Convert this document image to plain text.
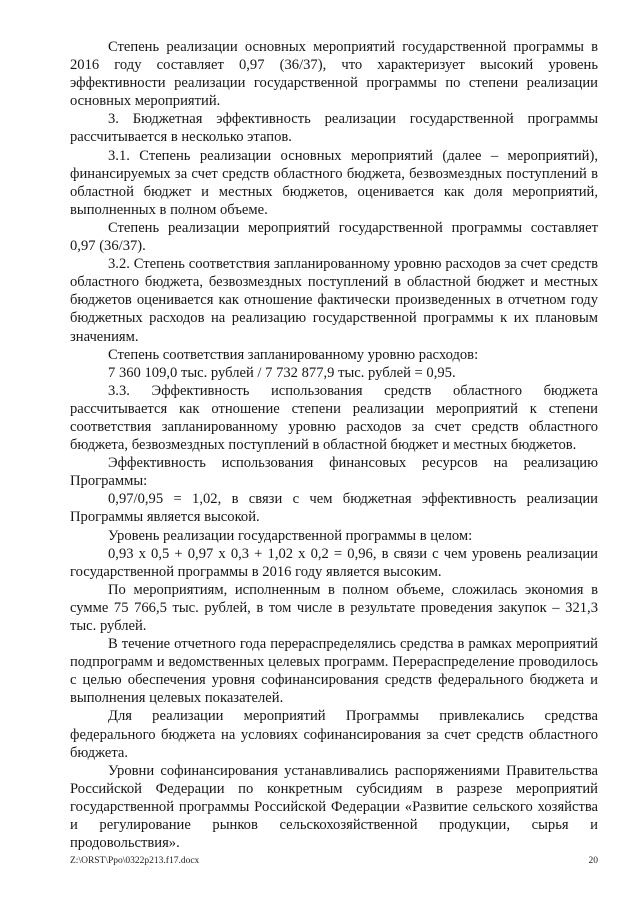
Степень реализации основных мероприятий государственной программы в 2016 году составляет 0,97 (36/37), что характеризует высокий уровень эффективности реализации государственной программы по степени реализации основных мероприятий.

3. Бюджетная эффективность реализации государственной программы рассчитывается в несколько этапов.

3.1. Степень реализации основных мероприятий (далее – мероприятий), финансируемых за счет средств областного бюджета, безвозмездных поступлений в областной бюджет и местных бюджетов, оценивается как доля мероприятий, выполненных в полном объеме.

Степень реализации мероприятий государственной программы составляет 0,97 (36/37).

3.2. Степень соответствия запланированному уровню расходов за счет средств областного бюджета, безвозмездных поступлений в областной бюджет и местных бюджетов оценивается как отношение фактически произведенных в отчетном году бюджетных расходов на реализацию государственной программы к их плановым значениям.

Степень соответствия запланированному уровню расходов:

7 360 109,0 тыс. рублей / 7 732 877,9 тыс. рублей = 0,95.

3.3. Эффективность использования средств областного бюджета рассчитывается как отношение степени реализации мероприятий к степени соответствия запланированному уровню расходов за счет средств областного бюджета, безвозмездных поступлений в областной бюджет и местных бюджетов.

Эффективность использования финансовых ресурсов на реализацию Программы:

0,97/0,95 = 1,02, в связи с чем бюджетная эффективность реализации Программы является высокой.

Уровень реализации государственной программы в целом:

0,93 х 0,5 + 0,97 х 0,3 + 1,02 х 0,2 = 0,96, в связи с чем уровень реализации государственной программы в 2016 году является высоким.

По мероприятиям, исполненным в полном объеме, сложилась экономия в сумме 75 766,5 тыс. рублей, в том числе в результате проведения закупок – 321,3 тыс. рублей.

В течение отчетного года перераспределялись средства в рамках мероприятий подпрограмм и ведомственных целевых программ. Перераспределение проводилось с целью обеспечения уровня софинансирования средств федерального бюджета и выполнения целевых показателей.

Для реализации мероприятий Программы привлекались средства федерального бюджета на условиях софинансирования за счет средств областного бюджета.

Уровни софинансирования устанавливались распоряжениями Правительства Российской Федерации по конкретным субсидиям в разрезе мероприятий государственной программы Российской Федерации «Развитие сельского хозяйства и регулирование рынков сельскохозяйственной продукции, сырья и продовольствия».

Z:\ORST\Ppo\0322p213.f17.docx	20
